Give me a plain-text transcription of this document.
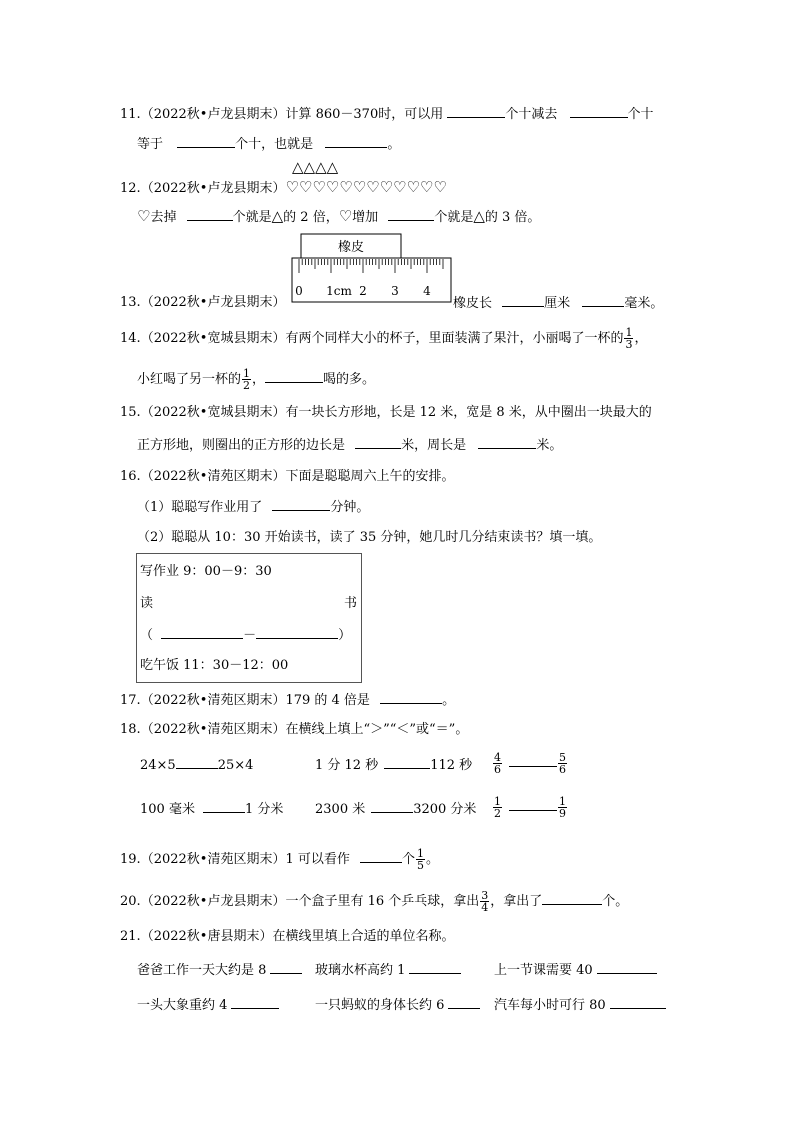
11.（2022秋•卢龙县期末）计算 860－370时，可以用	个十减去	个十
等于	个十，也就是	。
△△△△
12.（2022秋•卢龙县期末）♡♡♡♡♡♡♡♡♡♡♡♡
♡去掉	个就是△的 2 倍，♡增加	个就是△的 3 倍。
橡皮
0 1cm 2 3 4
13.（2022秋•卢龙县期末）	橡皮长	厘米	毫米。
14.（2022秋•宽城县期末）有两个同样大小的杯子，里面装满了果汁，小丽喝了一杯的 $\frac{1}{3}$ ，
小红喝了另一杯的 $\frac{1}{2}$ ，	喝的多。
15.（2022秋•宽城县期末）有一块长方形地，长是 12 米，宽是 8 米，从中圈出一块最大的
正方形地，则圈出的正方形的边长是	米，周长是	米。
16.（2022秋•清苑区期末）下面是聪聪周六上午的安排。
（1）聪聪写作业用了	分钟。
（2）聪聪从 10：30 开始读书，读了 35 分钟，她几时几分结束读书？填一填。
写作业 9：00－9：30
读	书
（	－	）
吃午饭 11：30－12：00
17.（2022秋•清苑区期末）179 的 4 倍是	。
18.（2022秋•清苑区期末）在横线上填上“＞”“＜”或“＝”。
24×5	25×4	1 分 12 秒	112 秒 $\frac{4}{6}$	$\frac{5}{6}$
100 毫米	1 分米 2300 米	3200 分米 $\frac{1}{2}$	$\frac{1}{9}$
19.（2022秋•清苑区期末）1 可以看作	个 $\frac{1}{5}$ 。
20.（2022秋•卢龙县期末）一个盒子里有 16 个乒乓球，拿出 $\frac{3}{4}$ ，拿出了	个。
21.（2022秋•唐县期末）在横线里填上合适的单位名称。
爸爸工作一天大约是 8	玻璃水杯高约 1	上一节课需要 40
一头大象重约 4	一只蚂蚁的身体长约 6	汽车每小时可行 80
